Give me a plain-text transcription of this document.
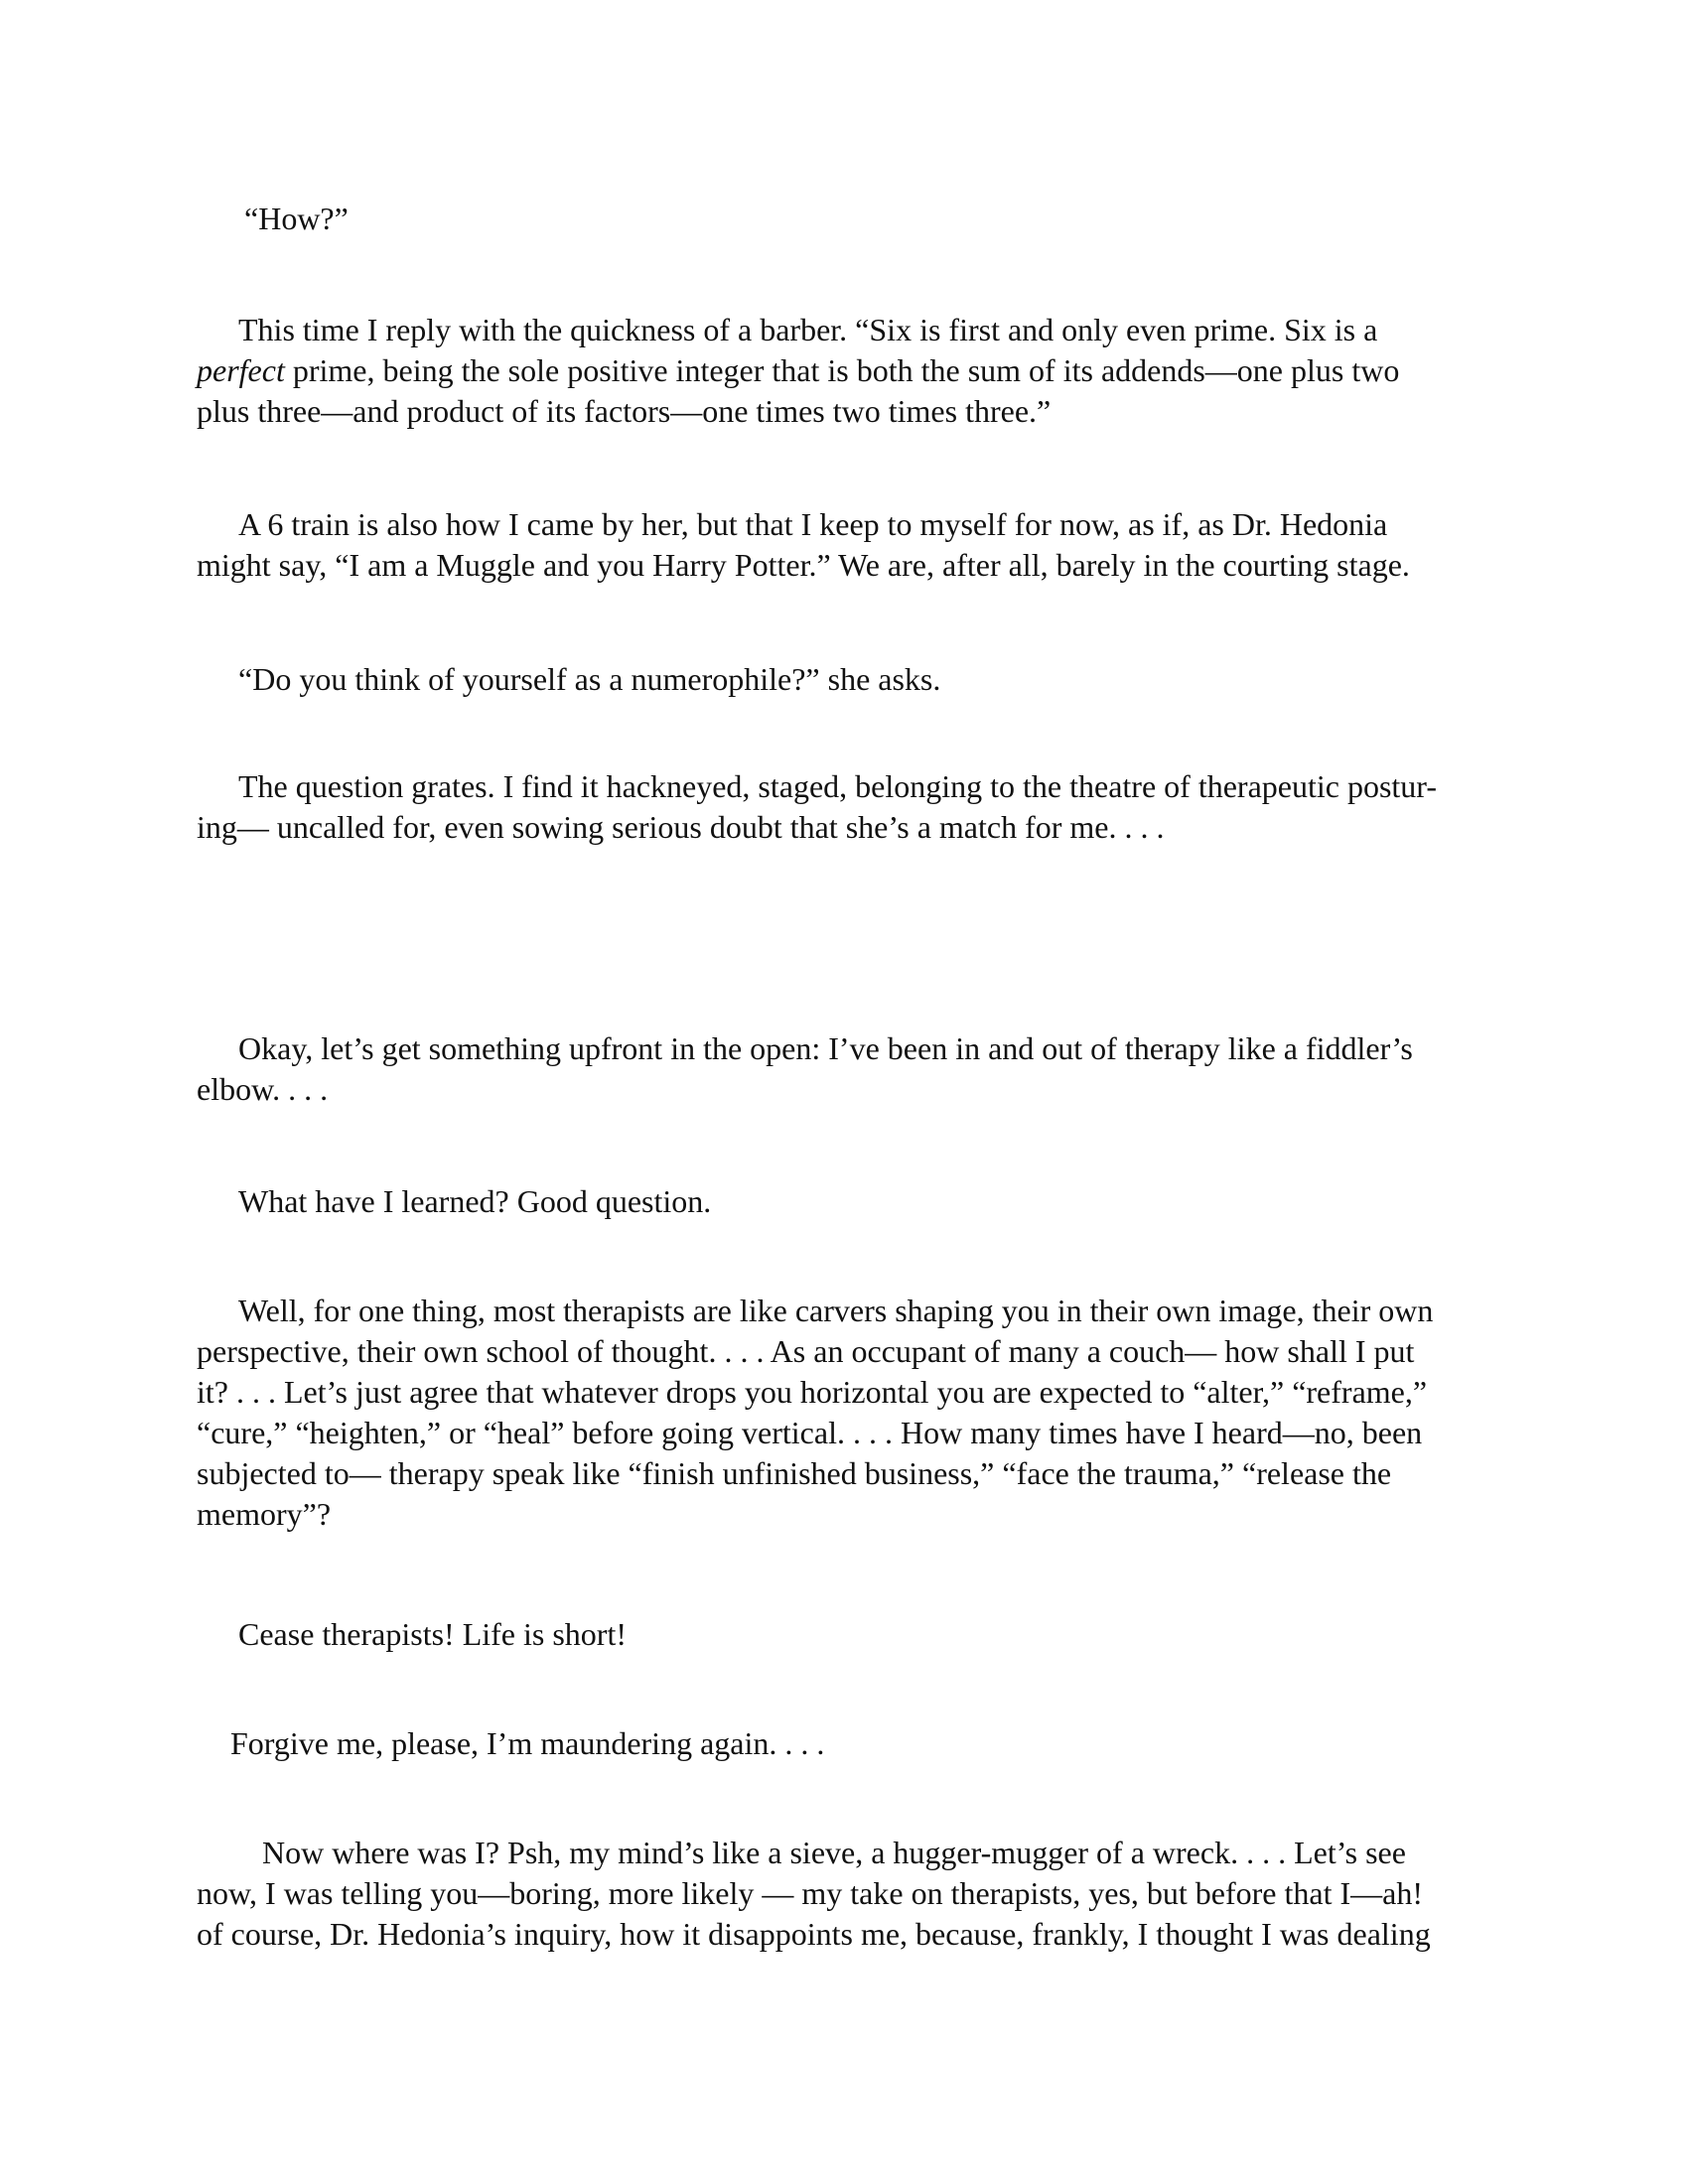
“How?”

This time I reply with the quickness of a barber. “Six is first and only even prime. Six is a
perfect prime, being the sole positive integer that is both the sum of its addends—one plus two
plus three—and product of its factors—one times two times three.”

A 6 train is also how I came by her, but that I keep to myself for now, as if, as Dr. Hedonia
might say, “I am a Muggle and you Harry Potter.” We are, after all, barely in the courting stage.

“Do you think of yourself as a numerophile?” she asks.

The question grates. I find it hackneyed, staged, belonging to the theatre of therapeutic postur-
ing— uncalled for, even sowing serious doubt that she’s a match for me. . . .

Okay, let’s get something upfront in the open: I’ve been in and out of therapy like a fiddler’s
elbow. . . .

What have I learned? Good question.

Well, for one thing, most therapists are like carvers shaping you in their own image, their own
perspective, their own school of thought. . . . As an occupant of many a couch— how shall I put
it? . . . Let’s just agree that whatever drops you horizontal you are expected to “alter,” “reframe,”
“cure,” “heighten,” or “heal” before going vertical. . . . How many times have I heard—no, been
subjected to— therapy speak like “finish unfinished business,” “face the trauma,” “release the
memory”?

Cease therapists! Life is short!

Forgive me, please, I’m maundering again. . . .

Now where was I? Psh, my mind’s like a sieve, a hugger-mugger of a wreck. . . . Let’s see
now, I was telling you—boring, more likely — my take on therapists, yes, but before that I—ah!
of course, Dr. Hedonia’s inquiry, how it disappoints me, because, frankly, I thought I was dealing
